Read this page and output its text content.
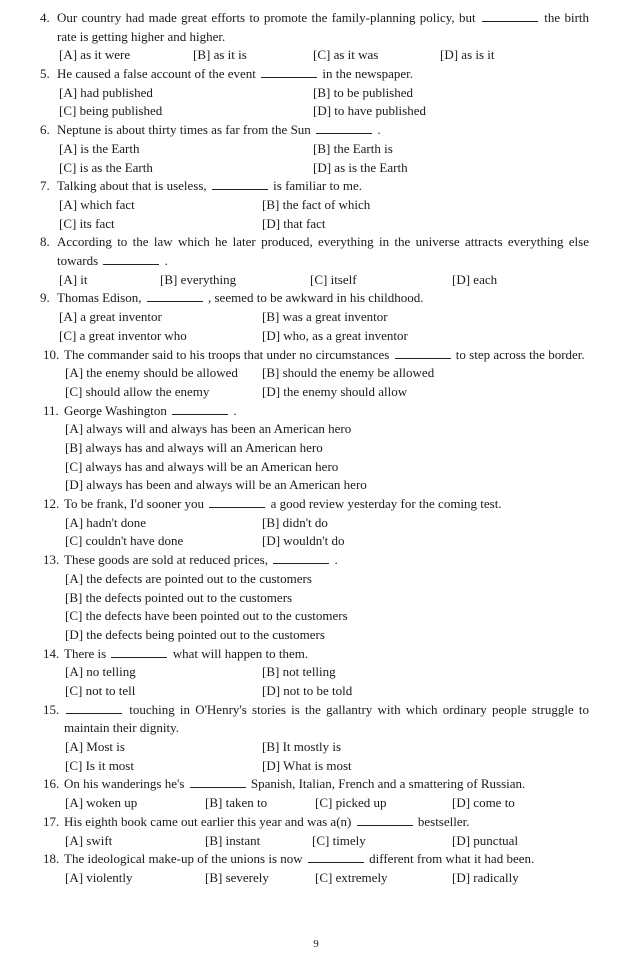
4. Our country had made great efforts to promote the family-planning policy, but	the birth rate is getting higher and higher.
[A] as it were	[B] as it is	[C] as it was	[D] as is it
5. He caused a false account of the event	in the newspaper.
[A] had published	[B] to be published
[C] being published	[D] to have published
6. Neptune is about thirty times as far from the Sun	.
[A] is the Earth	[B] the Earth is
[C] is as the Earth	[D] as is the Earth
7. Talking about that is useless,	is familiar to me.
[A] which fact	[B] the fact of which
[C] its fact	[D] that fact
8. According to the law which he later produced, everything in the universe attracts everything else towards	.
[A] it	[B] everything	[C] itself	[D] each
9. Thomas Edison,	, seemed to be awkward in his childhood.
[A] a great inventor	[B] was a great inventor
[C] a great inventor who	[D] who, as a great inventor
10. The commander said to his troops that under no circumstances	to step across the border.
[A] the enemy should be allowed [B] should the enemy be allowed
[C] should allow the enemy	[D] the enemy should allow
11. George Washington	.
[A] always will and always has been an American hero
[B] always has and always will an American hero
[C] always has and always will be an American hero
[D] always has been and always will be an American hero
12. To be frank, I'd sooner you	a good review yesterday for the coming test.
[A] hadn't done	[B] didn't do
[C] couldn't have done	[D] wouldn't do
13. These goods are sold at reduced prices,	.
[A] the defects are pointed out to the customers
[B] the defects pointed out to the customers
[C] the defects have been pointed out to the customers
[D] the defects being pointed out to the customers
14. There is	what will happen to them.
[A] no telling	[B] not telling
[C] not to tell	[D] not to be told
15.	touching in O'Henry's stories is the gallantry with which ordinary people struggle to maintain their dignity.
[A] Most is	[B] It mostly is
[C] Is it most	[D] What is most
16. On his wanderings he's	Spanish, Italian, French and a smattering of Russian.
[A] woken up	[B] taken to	[C] picked up	[D] come to
17. His eighth book came out earlier this year and was a(n)	bestseller.
[A] swift	[B] instant	[C] timely	[D] punctual
18. The ideological make-up of the unions is now	different from what it had been.
[A] violently	[B] severely	[C] extremely	[D] radically
9
